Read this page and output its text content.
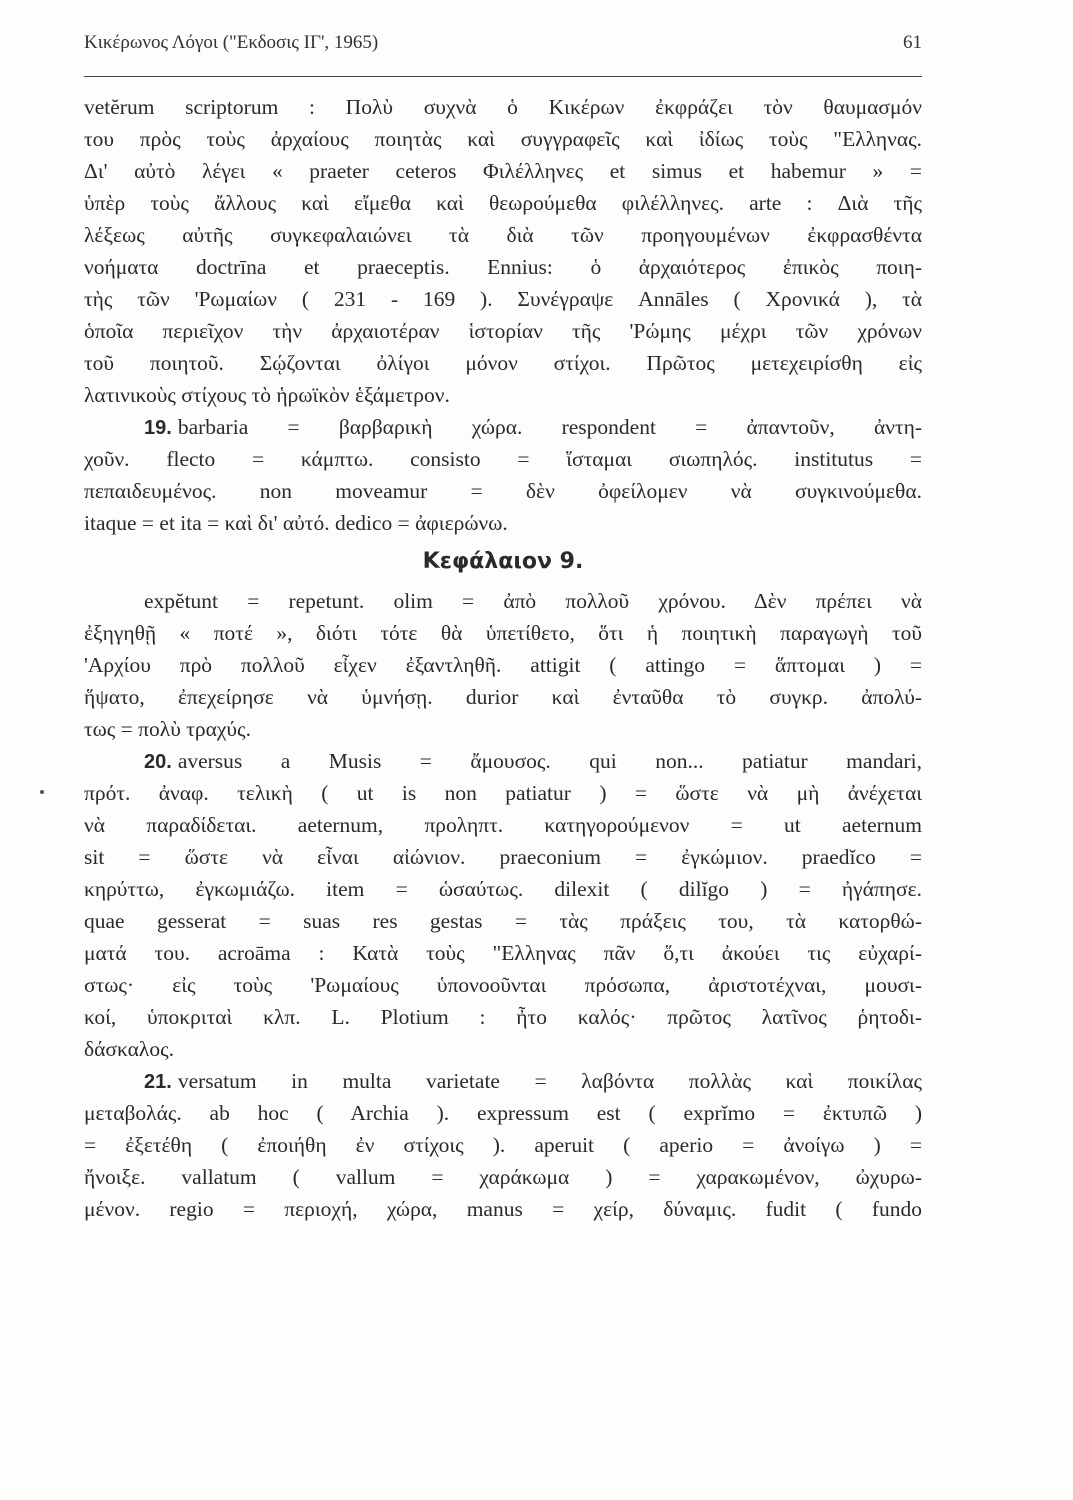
Κικέρωνος Λόγοι ("Εκδοσις ΙΓ', 1965)	61
vetĕrum scriptorum : Πολὺ συχνὰ ὁ Κικέρων ἐκφράζει τὸν θαυμασμόν
του πρὸς τοὺς ἀρχαίους ποιητὰς καὶ συγγραφεῖς καὶ ἰδίως τοὺς "Ελληνας.
Δι' αὐτὸ λέγει « praeter ceteros Φιλέλληνες et simus et habemur » =
ὑπὲρ τοὺς ἄλλους καὶ εἴμεθα καὶ θεωρούμεθα φιλέλληνες. arte : Διὰ τῆς
λέξεως αὐτῆς συγκεφαλαιώνει τὰ διὰ τῶν προηγουμένων ἐκφρασθέντα
νοήματα doctrīna et praeceptis. Ennius: ὁ ἀρχαιότερος ἐπικὸς ποιη-
τὴς τῶν 'Ρωμαίων ( 231 - 169 ). Συνέγραψε Annāles ( Χρονικά ), τὰ
ὁποῖα περιεῖχον τὴν ἀρχαιοτέραν ἱστορίαν τῆς 'Ρώμης μέχρι τῶν χρόνων
τοῦ ποιητοῦ. Σῴζονται ὀλίγοι μόνον στίχοι. Πρῶτος μετεχειρίσθη εἰς
λατινικοὺς στίχους τὸ ἡρωϊκὸν ἑξάμετρον.
19. barbaria = βαρβαρικὴ χώρα. respondent = ἀπαντοῦν, ἀντη-
χοῦν. flecto = κάμπτω. consisto = ἵσταμαι σιωπηλός. institutus =
πεπαιδευμένος. non moveamur = δὲν ὀφείλομεν νὰ συγκινούμεθα.
itaque = et ita = καὶ δι' αὐτό. dedico = ἀφιερώνω.
Κεφάλαιον 9.
expĕtunt = repetunt. olim = ἀπὸ πολλοῦ χρόνου. Δὲν πρέπει νὰ
ἐξηγηθῇ « ποτέ », διότι τότε θὰ ὑπετίθετο, ὅτι ἡ ποιητικὴ παραγωγὴ τοῦ
'Αρχίου πρὸ πολλοῦ εἶχεν ἐξαντληθῆ. attigit ( attingo = ἅπτομαι ) =
ἥψατο, ἐπεχείρησε νὰ ὑμνήσῃ. durior καὶ ἐνταῦθα τὸ συγκρ. ἀπολύ-
τως = πολὺ τραχύς.
20. aversus a Musis = ἄμουσος. qui non... patiatur mandari,
πρότ. ἀναφ. τελικὴ ( ut is non patiatur ) = ὥστε νὰ μὴ ἀνέχεται
νὰ παραδίδεται. aeternum, προληπτ. κατηγορούμενον = ut aeternum
sit = ὥστε νὰ εἶναι αἰώνιον. praeconium = ἐγκώμιον. praedĭco =
κηρύττω, ἐγκωμιάζω. item = ὡσαύτως. dilexit ( dilĭgo ) = ἠγάπησε.
quae gesserat = suas res gestas = τὰς πράξεις του, τὰ κατορθώ-
ματά του. acroāma : Κατὰ τοὺς "Ελληνας πᾶν ὅ,τι ἀκούει τις εὐχαρί-
στως· εἰς τοὺς 'Ρωμαίους ὑπονοοῦνται πρόσωπα, ἀριστοτέχναι, μουσι-
κοί, ὑποκριταὶ κλπ. L. Plotium : ἦτο καλός· πρῶτος λατῖνος ῥητοδι-
δάσκαλος.
21. versatum in multa varietate = λαβόντα πολλὰς καὶ ποικίλας
μεταβολάς. ab hoc ( Archia ). expressum est ( exprĭmo = ἐκτυπῶ )
= ἐξετέθη ( ἐποιήθη ἐν στίχοις ). aperuit ( aperio = ἀνοίγω ) =
ἤνοιξε. vallatum ( vallum = χαράκωμα ) = χαρακωμένον, ὠχυρω-
μένον. regio = περιοχή, χώρα, manus = χείρ, δύναμις. fudit ( fundo
